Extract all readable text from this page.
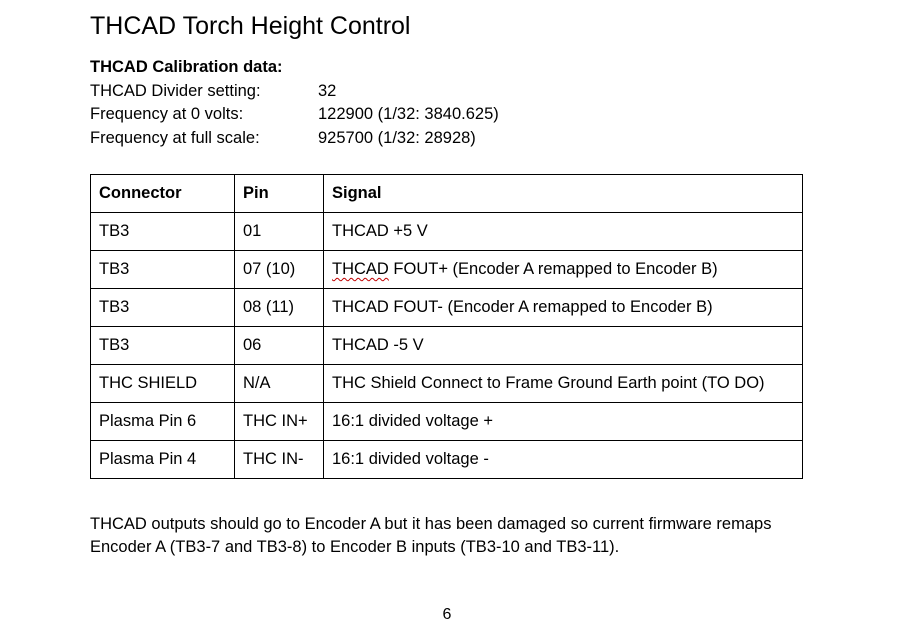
THCAD Torch Height Control
THCAD Calibration data:
THCAD Divider setting:	32
Frequency at 0 volts:	122900 (1/32: 3840.625)
Frequency at full scale:	925700 (1/32: 28928)
Connector	Pin	Signal
TB3	01	THCAD +5 V
TB3	07 (10)	THCAD FOUT+ (Encoder A remapped to Encoder B)
TB3	08 (11)	THCAD FOUT- (Encoder A remapped to Encoder B)
TB3	06	THCAD -5 V
THC SHIELD	N/A	THC Shield Connect to Frame Ground Earth point (TO DO)
Plasma Pin 6	THC IN+	16:1 divided voltage +
Plasma Pin 4	THC IN-	16:1 divided voltage -
THCAD outputs should go to Encoder A but it has been damaged so current firmware remaps Encoder A (TB3-7 and TB3-8) to Encoder B inputs (TB3-10 and TB3-11).
6
